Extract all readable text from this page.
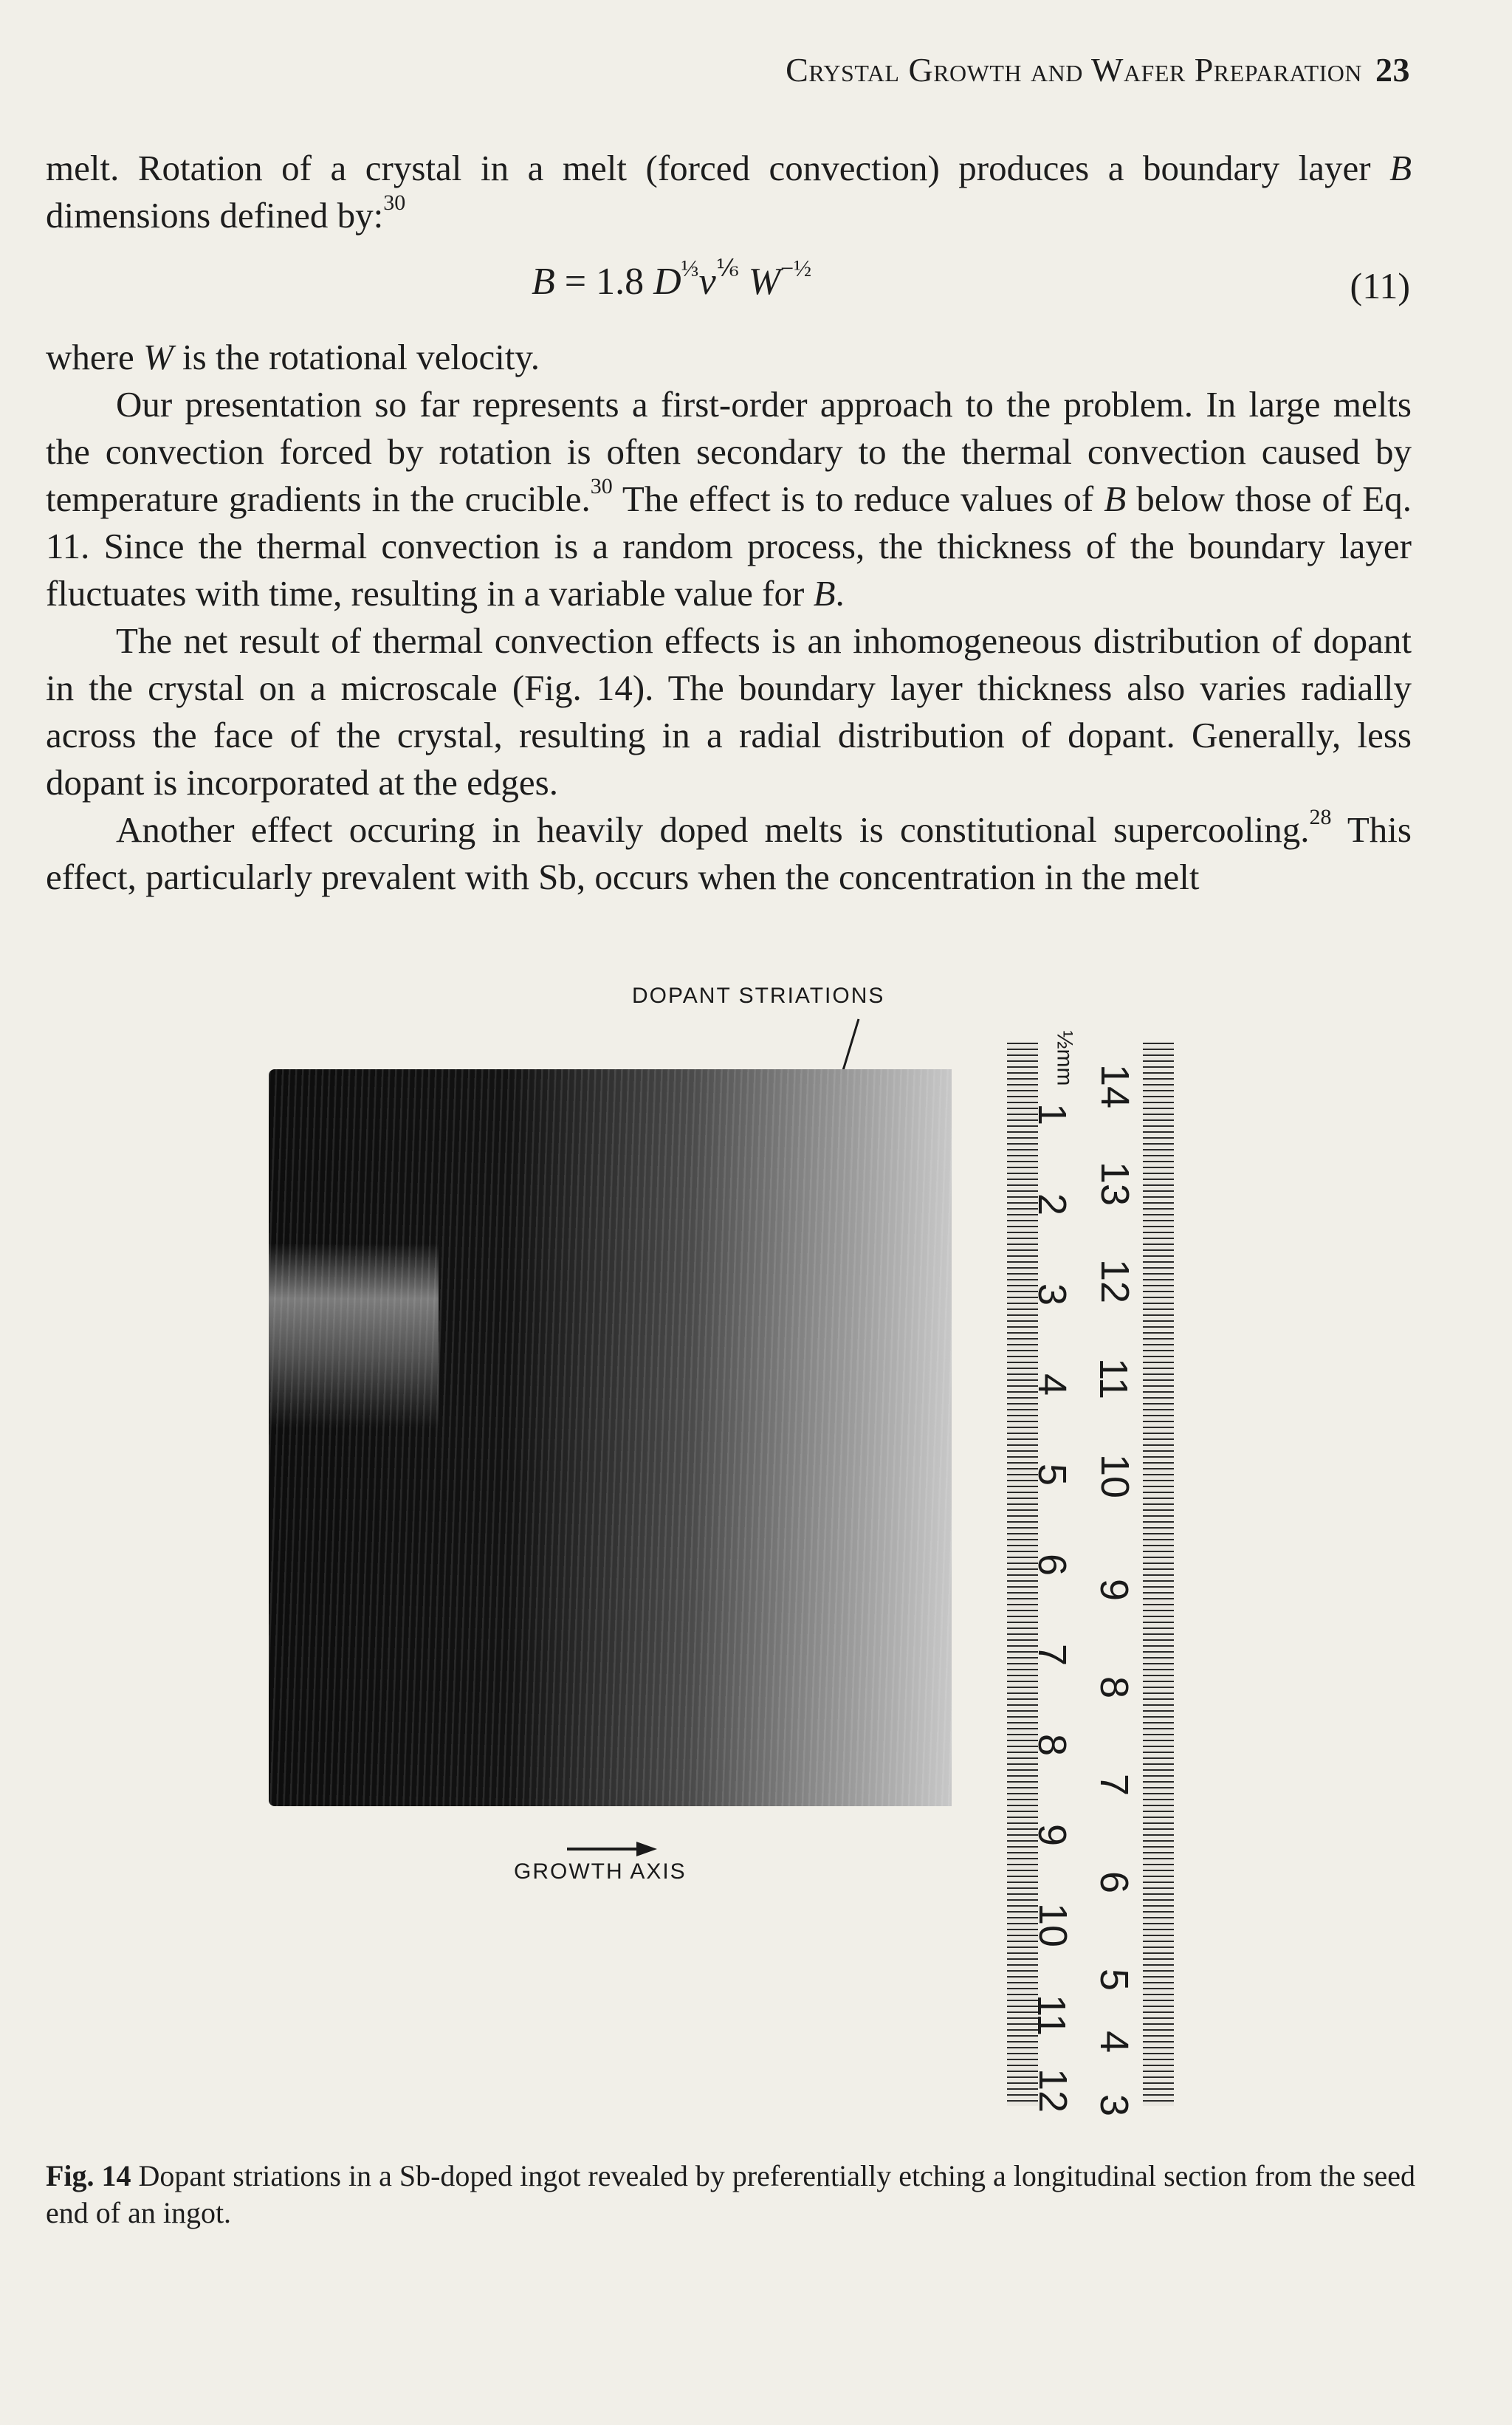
Crystal Growth and Wafer Preparation 23

melt. Rotation of a crystal in a melt (forced convection) produces a boundary layer B dimensions defined by:$^{30}$

B = 1.8 $D^{\frac{1}{3}}v^{\frac{1}{6}}$ $W^{-\frac{1}{2}}$	(11)

where W is the rotational velocity.

Our presentation so far represents a first-order approach to the problem. In large melts the convection forced by rotation is often secondary to the thermal convection caused by temperature gradients in the crucible.$^{30}$ The effect is to reduce values of B below those of Eq. 11. Since the thermal convection is a random process, the thickness of the boundary layer fluctuates with time, resulting in a variable value for B.

The net result of thermal convection effects is an inhomogeneous distribution of dopant in the crystal on a microscale (Fig. 14). The boundary layer thickness also varies radially across the face of the crystal, resulting in a radial distribution of dopant. Generally, less dopant is incorporated at the edges.

Another effect occuring in heavily doped melts is constitutional supercooling.$^{28}$ This effect, particularly prevalent with Sb, occurs when the concentration in the melt

DOPANT STRIATIONS
GROWTH AXIS
½mm
1
2
3
4
5
6
7
8
9
10
11
12
14
13
12
11
10
9
8
7
6
5
4
3
Fig. 14 Dopant striations in a Sb-doped ingot revealed by preferentially etching a longitudinal section from the seed end of an ingot.
